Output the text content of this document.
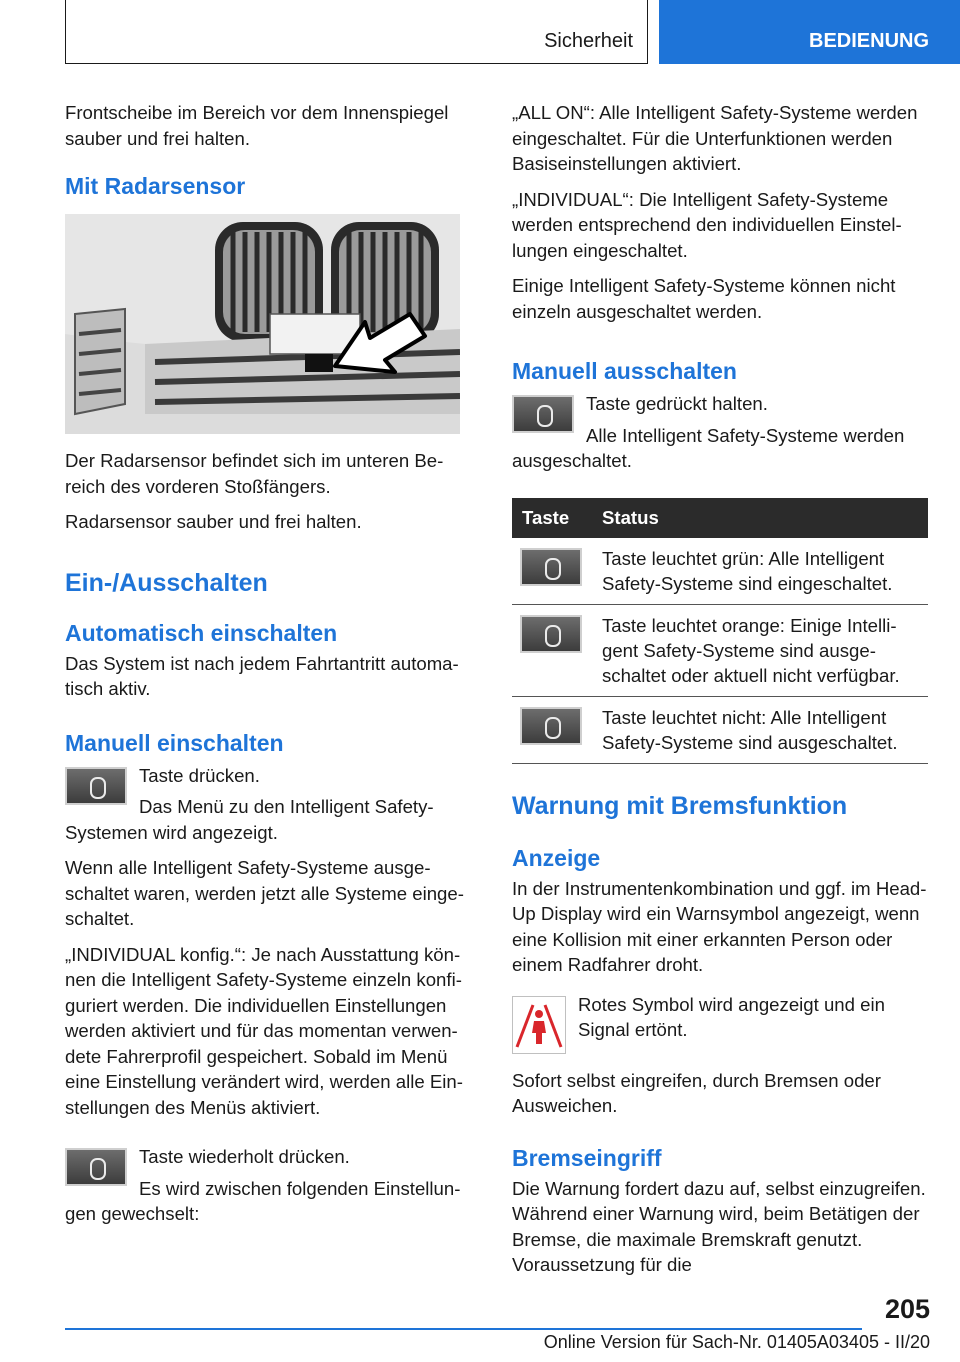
Sicherheit	BEDIENUNG

Frontscheibe im Bereich vor dem Innenspiegel sauber und frei halten.

Mit Radarsensor

Der Radarsensor befindet sich im unteren Bereich des vorderen Stoßfängers.

Radarsensor sauber und frei halten.

Ein-/Ausschalten
Automatisch einschalten

Das System ist nach jedem Fahrtantritt automatisch aktiv.

Manuell einschalten

Taste drücken.

Das Menü zu den Intelligent Safety-Systemen wird angezeigt.

Wenn alle Intelligent Safety-Systeme ausgeschaltet waren, werden jetzt alle Systeme eingeschaltet.

„INDIVIDUAL konfig.“: Je nach Ausstattung können die Intelligent Safety-Systeme einzeln konfiguriert werden. Die individuellen Einstellungen werden aktiviert und für das momentan verwendete Fahrerprofil gespeichert. Sobald im Menü eine Einstellung verändert wird, werden alle Einstellungen des Menüs aktiviert.

Taste wiederholt drücken.

Es wird zwischen folgenden Einstellungen gewechselt:

„ALL ON“: Alle Intelligent Safety-Systeme werden eingeschaltet. Für die Unterfunktionen werden Basiseinstellungen aktiviert.

„INDIVIDUAL“: Die Intelligent Safety-Systeme werden entsprechend den individuellen Einstellungen eingeschaltet.

Einige Intelligent Safety-Systeme können nicht einzeln ausgeschaltet werden.

Manuell ausschalten

Taste gedrückt halten.

Alle Intelligent Safety-Systeme werden ausgeschaltet.

Taste	Status
	Taste leuchtet grün: Alle Intelligent Safety-Systeme sind eingeschaltet.
	Taste leuchtet orange: Einige Intelligent Safety-Systeme sind ausgeschaltet oder aktuell nicht verfügbar.
	Taste leuchtet nicht: Alle Intelligent Safety-Systeme sind ausgeschaltet.
Warnung mit Bremsfunktion
Anzeige

In der Instrumentenkombination und ggf. im Head-Up Display wird ein Warnsymbol angezeigt, wenn eine Kollision mit einer erkannten Person oder einem Radfahrer droht.

Rotes Symbol wird angezeigt und ein Signal ertönt.

Sofort selbst eingreifen, durch Bremsen oder Ausweichen.

Bremseingriff

Die Warnung fordert dazu auf, selbst einzugreifen. Während einer Warnung wird, beim Betätigen der Bremse, die maximale Bremskraft genutzt. Voraussetzung für die

205
Online Version für Sach-Nr. 01405A03405 - II/20
